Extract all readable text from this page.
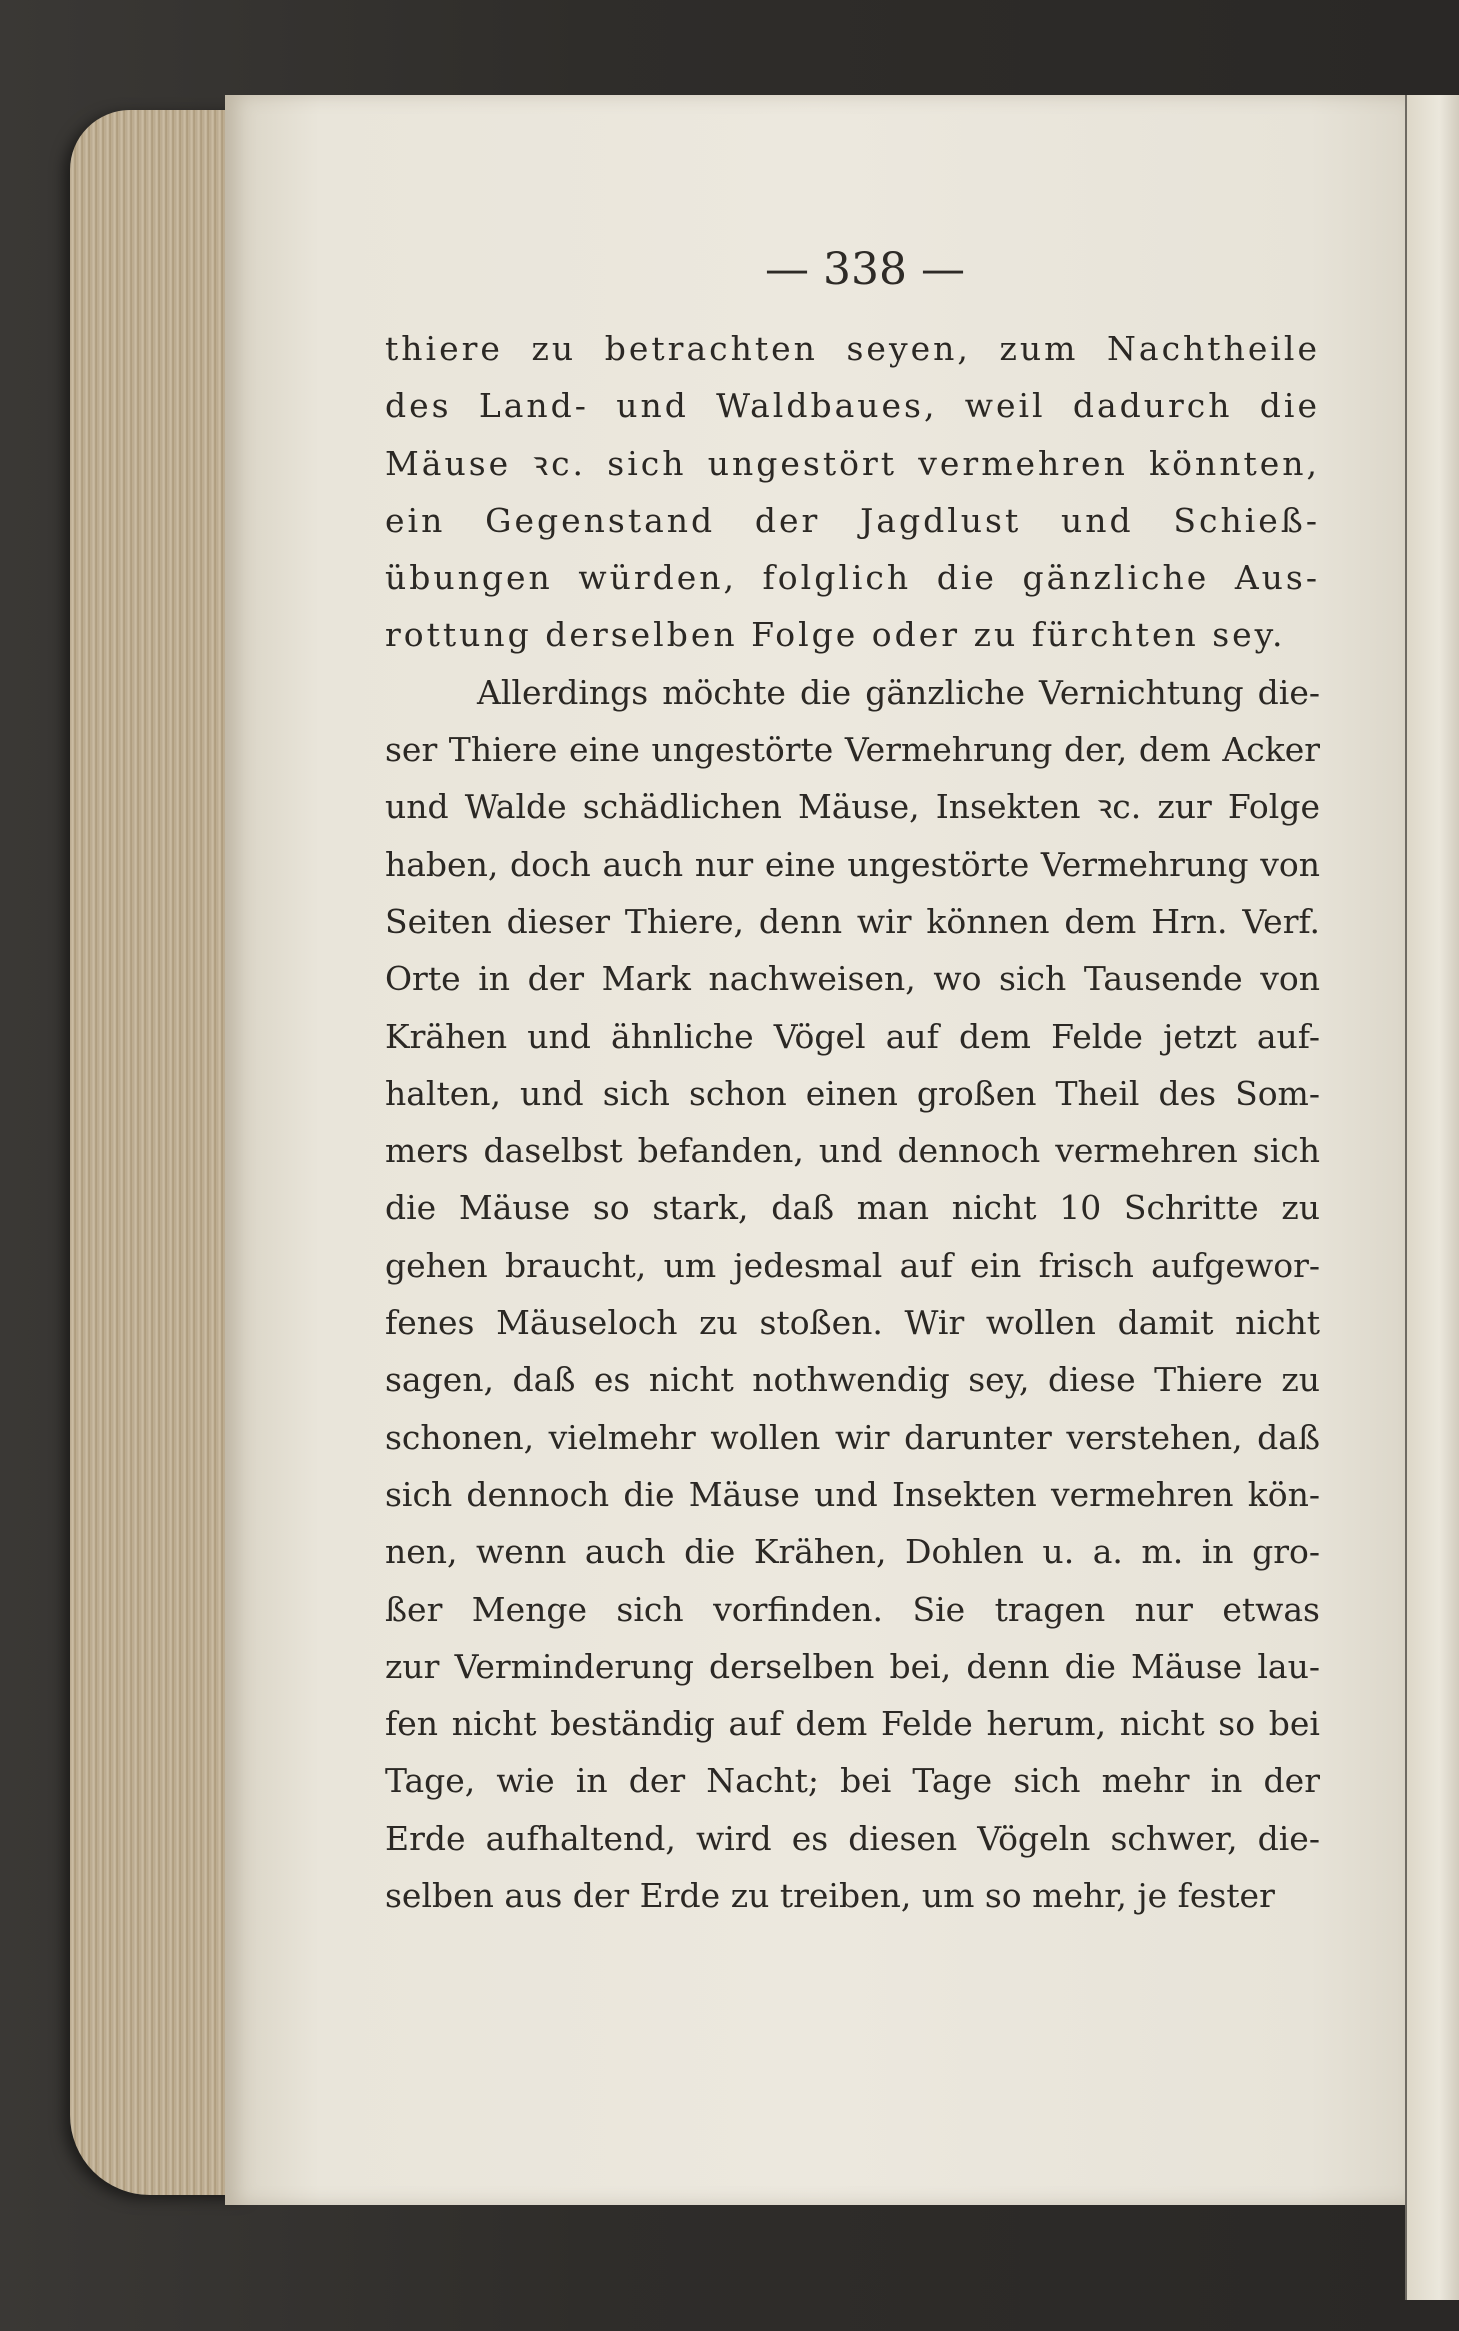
— 338 —
thiere zu betrachten seyen, zum Nachtheile
des Land- und Waldbaues, weil dadurch die
Mäuse ꝛc. sich ungestört vermehren könnten,
ein Gegenstand der Jagdlust und Schieß-
übungen würden, folglich die gänzliche Aus-
rottung derselben Folge oder zu fürchten sey.
Allerdings möchte die gänzliche Vernichtung die-
ser Thiere eine ungestörte Vermehrung der, dem Acker
und Walde schädlichen Mäuse, Insekten ꝛc. zur Folge
haben, doch auch nur eine ungestörte Vermehrung von
Seiten dieser Thiere, denn wir können dem Hrn. Verf.
Orte in der Mark nachweisen, wo sich Tausende von
Krähen und ähnliche Vögel auf dem Felde jetzt auf-
halten, und sich schon einen großen Theil des Som-
mers daselbst befanden, und dennoch vermehren sich
die Mäuse so stark, daß man nicht 10 Schritte zu
gehen braucht, um jedesmal auf ein frisch aufgewor-
fenes Mäuseloch zu stoßen. Wir wollen damit nicht
sagen, daß es nicht nothwendig sey, diese Thiere zu
schonen, vielmehr wollen wir darunter verstehen, daß
sich dennoch die Mäuse und Insekten vermehren kön-
nen, wenn auch die Krähen, Dohlen u. a. m. in gro-
ßer Menge sich vorfinden. Sie tragen nur etwas
zur Verminderung derselben bei, denn die Mäuse lau-
fen nicht beständig auf dem Felde herum, nicht so bei
Tage, wie in der Nacht; bei Tage sich mehr in der
Erde aufhaltend, wird es diesen Vögeln schwer, die-
selben aus der Erde zu treiben, um so mehr, je fester
